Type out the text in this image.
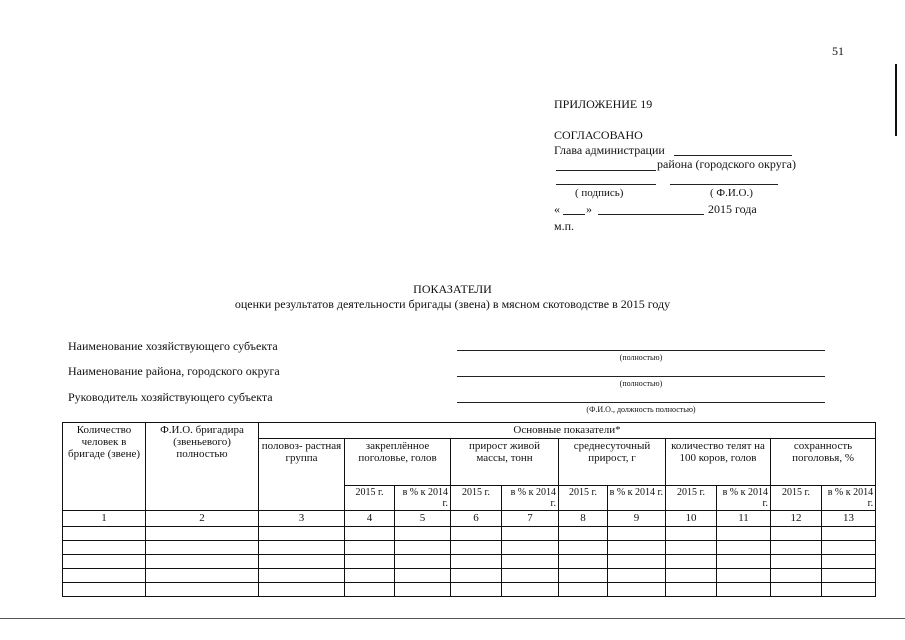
51
ПРИЛОЖЕНИЕ 19
СОГЛАСОВАНО
Глава администрации
района (городского округа)
( подпись)	( Ф.И.О.)
« »	2015 года
м.п.
ПОКАЗАТЕЛИ
оценки результатов деятельности бригады (звена) в мясном скотоводстве в 2015 году
Наименование хозяйствующего субъекта
(полностью)
Наименование района, городского округа
(полностью)
Руководитель хозяйствующего субъекта
(Ф.И.О., должность полностью)
Количество человек в бригаде (звене)	Ф.И.О. бригадира (звеньевого) полностью	Основные показатели*										
		половоз- растная группа	закреплённое поголовье, голов		прирост живой массы, тонн		среднесуточный прирост, г		количество телят на 100 коров, голов		сохранность поголовья, %	
			2015 г.	в % к 2014 г.	2015 г.	в % к 2014 г.	2015 г.	в % к 2014 г.	2015 г.	в % к 2014 г.	2015 г.	в % к 2014 г.
1	2	3	4	5	6	7	8	9	10	11	12	13
